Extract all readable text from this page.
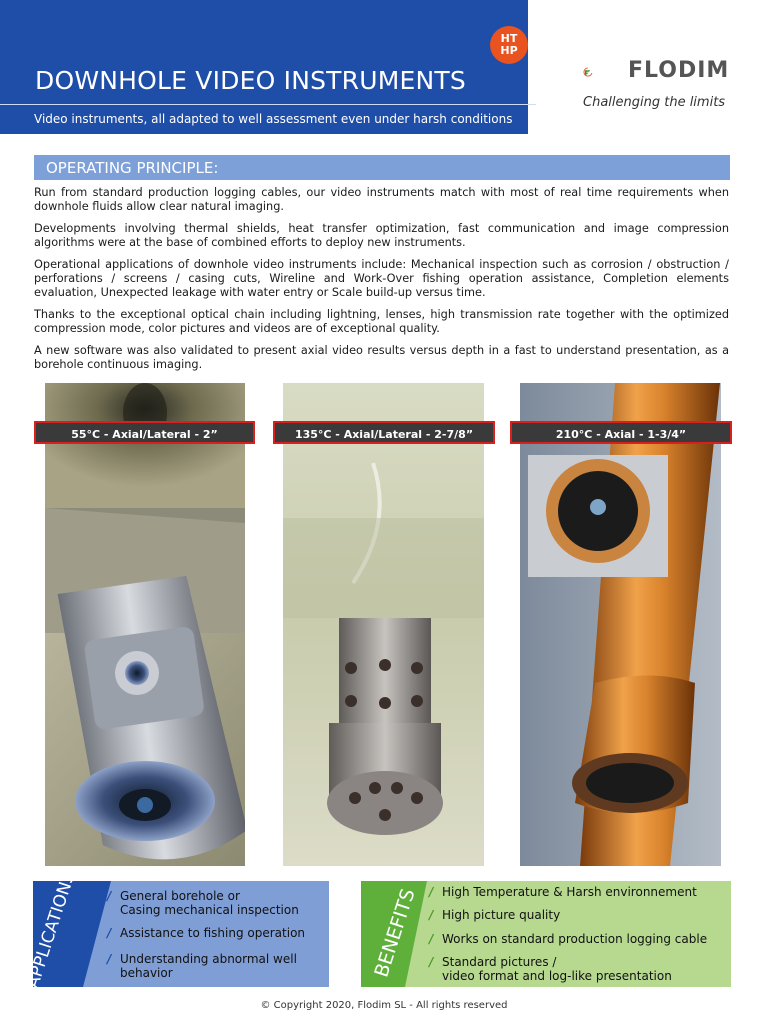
DOWNHOLE VIDEO INSTRUMENTS
Video instruments, all adapted to well assessment even under harsh conditions
HT
HP
FLODIM
Challenging the limits
OPERATING PRINCIPLE:

Run from standard production logging cables, our video instruments match with most of real time requirements when downhole fluids allow clear natural imaging.

Developments involving thermal shields, heat transfer optimization, fast communication and image compression algorithms were at the base of combined efforts to deploy new instruments.

Operational applications of downhole video instruments include: Mechanical inspection such as corrosion / obstruction / perforations / screens / casing cuts, Wireline and Work-Over fishing operation assistance, Completion elements evaluation, Unexpected leakage with water entry or Scale build-up versus time.

Thanks to the exceptional optical chain including lightning, lenses, high transmission rate together with the optimized compression mode, color pictures and videos are of exceptional quality.

A new software was also validated to present axial video results versus depth in a fast to understand presentation, as a borehole continuous imaging.

55°C - Axial/Lateral - 2”	135°C - Axial/Lateral - 2-7/8”	210°C - Axial - 1-3/4”
APPLICATIONS	/ General borehole or
Casing mechanical inspection
/ Assistance to fishing operation
/ Understanding abnormal well
behavior	BENEFITS / High Temperature & Harsh environnement
/ High picture quality
/ Works on standard production logging cable
/ Standard pictures /
video format and log-like presentation
© Copyright 2020, Flodim SL - All rights reserved
